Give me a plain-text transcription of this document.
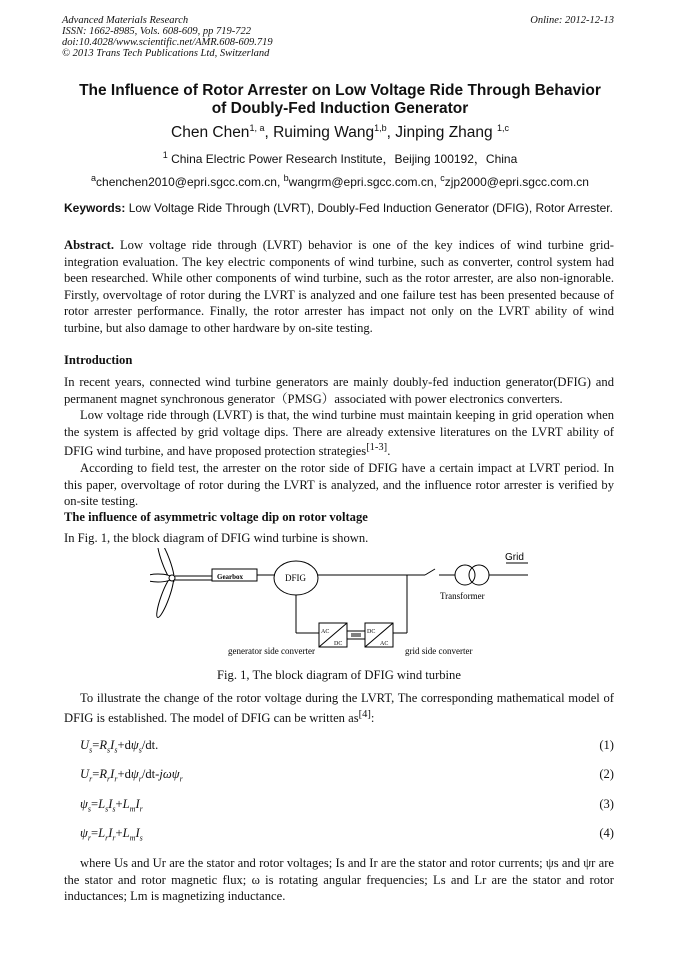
Advanced Materials Research
ISSN: 1662-8985, Vols. 608-609, pp 719-722
doi:10.4028/www.scientific.net/AMR.608-609.719
© 2013 Trans Tech Publications Ltd, Switzerland
Online: 2012-12-13
The Influence of Rotor Arrester on Low Voltage Ride Through Behavior
of Doubly-Fed Induction Generator
Chen Chen$^{1, a}$, Ruiming Wang$^{1,b}$, Jinping Zhang $^{1,c}$
$^1$ China Electric Power Research Institute，Beijing 100192，China
$^a$chenchen2010@epri.sgcc.com.cn, $^b$wangrm@epri.sgcc.com.cn, $^c$zjp2000@epri.sgcc.com.cn
Keywords: Low Voltage Ride Through (LVRT), Doubly-Fed Induction Generator (DFIG), Rotor Arrester.
Abstract. Low voltage ride through (LVRT) behavior is one of the key indices of wind turbine grid-integration evaluation. The key electric components of wind turbine, such as converter, control system had been researched. While other components of wind turbine, such as the rotor arrester, are also non-ignorable. Firstly, overvoltage of rotor during the LVRT is analyzed and one failure test has been presented because of rotor arrester performance. Finally, the rotor arrester has impact not only on the LVRT ability of wind turbine, but also damage to other hardware by on-site testing.
Introduction
In recent years, connected wind turbine generators are mainly doubly-fed induction generator(DFIG) and permanent magnet synchronous generator（PMSG）associated with power electronics converters.
Low voltage ride through (LVRT) is that, the wind turbine must maintain keeping in grid operation when the system is affected by grid voltage dips. There are already extensive literatures on the LVRT ability of DFIG wind turbine, and have proposed protection strategies[1-3].
According to field test, the arrester on the rotor side of DFIG have a certain impact at LVRT period. In this paper, overvoltage of rotor during the LVRT is analyzed, and the influence rotor arrester is verified by on-site testing.
The influence of asymmetric voltage dip on rotor voltage
In Fig. 1, the block diagram of DFIG wind turbine is shown.
Gearbox	DFIG
Grid
Transformer
AC
DC
DC
AC
generator side converter	grid side converter
Fig. 1, The block diagram of DFIG wind turbine
To illustrate the change of the rotor voltage during the LVRT, The corresponding mathematical model of DFIG is established. The model of DFIG can be written as[4]:
$U_s=R_sI_s+d\psi_s/dt$.	(1)
$U_r=R_rI_r+d\psi_r/dt-j\omega\psi_r$	(2)
$\psi_s=L_sI_s+L_mI_r$	(3)
$\psi_r=L_rI_r+L_mI_s$	(4)
where Us and Ur are the stator and rotor voltages; Is and Ir are the stator and rotor currents; ψs and ψr are the stator and rotor magnetic flux; ω is rotating angular frequencies; Ls and Lr are the stator and rotor inductances; Lm is magnetizing inductance.
